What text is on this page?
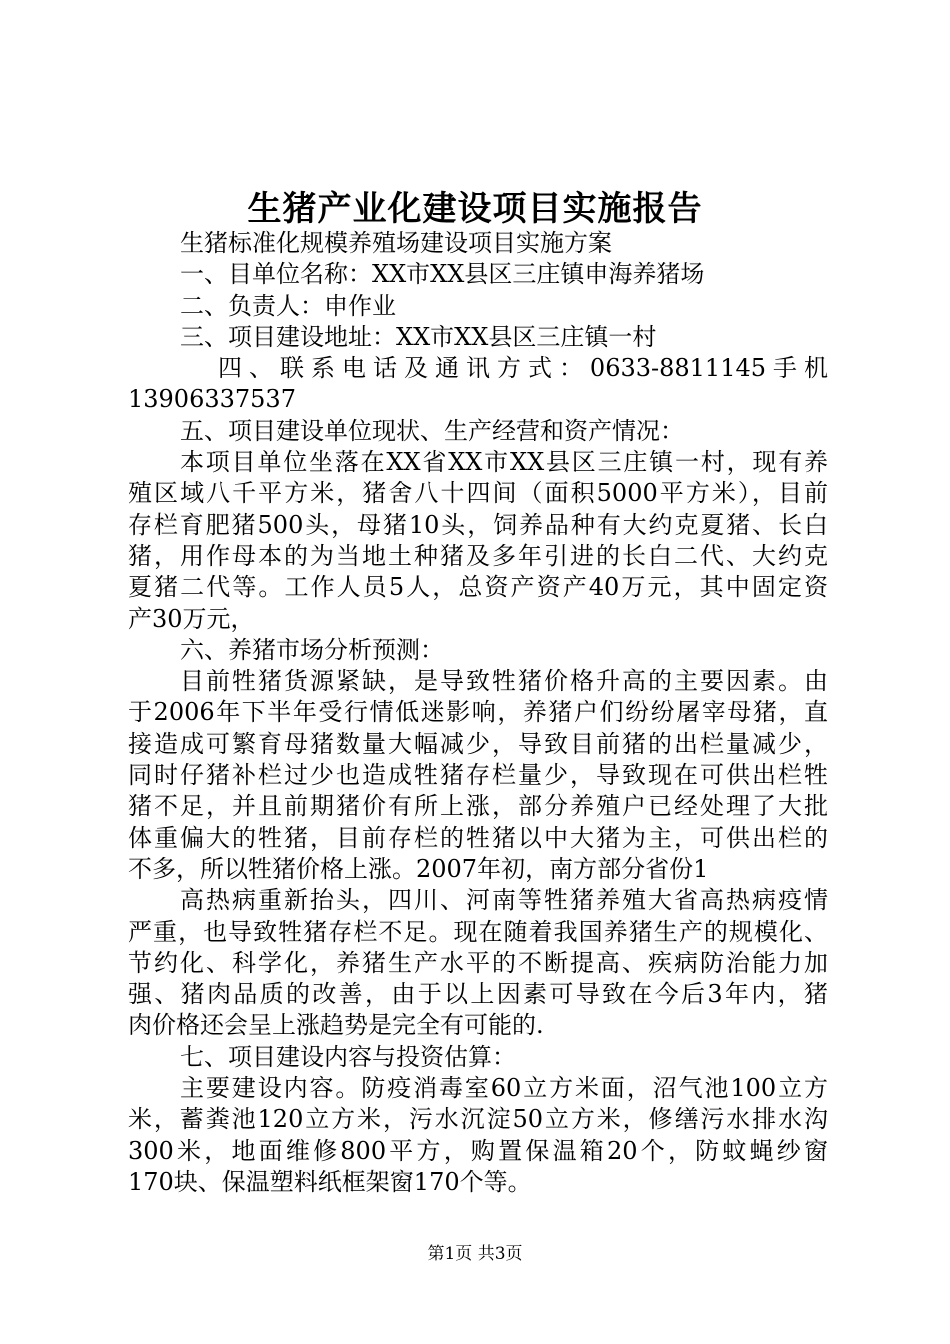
生猪产业化建设项目实施报告
生猪标准化规模养殖场建设项目实施方案
一、目单位名称：XX市XX县区三庄镇申海养猪场
二、负责人：申作业
三、项目建设地址：XX市XX县区三庄镇一村
四、联系电话及通讯方式：0633-8811145手机
13906337537
五、项目建设单位现状、生产经营和资产情况：
本项目单位坐落在XX省XX市XX县区三庄镇一村，现有养
殖区域八千平方米，猪舍八十四间（面积5000平方米），目前
存栏育肥猪500头，母猪10头，饲养品种有大约克夏猪、长白
猪，用作母本的为当地土种猪及多年引进的长白二代、大约克
夏猪二代等。工作人员5人，总资产资产40万元，其中固定资
产30万元，
六、养猪市场分析预测：
目前牲猪货源紧缺，是导致牲猪价格升高的主要因素。由
于2006年下半年受行情低迷影响，养猪户们纷纷屠宰母猪，直
接造成可繁育母猪数量大幅减少，导致目前猪的出栏量减少，
同时仔猪补栏过少也造成牲猪存栏量少，导致现在可供出栏牲
猪不足，并且前期猪价有所上涨，部分养殖户已经处理了大批
体重偏大的牲猪，目前存栏的牲猪以中大猪为主，可供出栏的
不多，所以牲猪价格上涨。2007年初，南方部分省份1
高热病重新抬头，四川、河南等牲猪养殖大省高热病疫情
严重，也导致牲猪存栏不足。现在随着我国养猪生产的规模化、
节约化、科学化，养猪生产水平的不断提高、疾病防治能力加
强、猪肉品质的改善，由于以上因素可导致在今后3年内，猪
肉价格还会呈上涨趋势是完全有可能的.
七、项目建设内容与投资估算：
主要建设内容。防疫消毒室60立方米面，沼气池100立方
米，蓄粪池120立方米，污水沉淀50立方米，修缮污水排水沟
300米，地面维修800平方，购置保温箱20个，防蚊蝇纱窗
170块、保温塑料纸框架窗170个等。
第1页 共3页
